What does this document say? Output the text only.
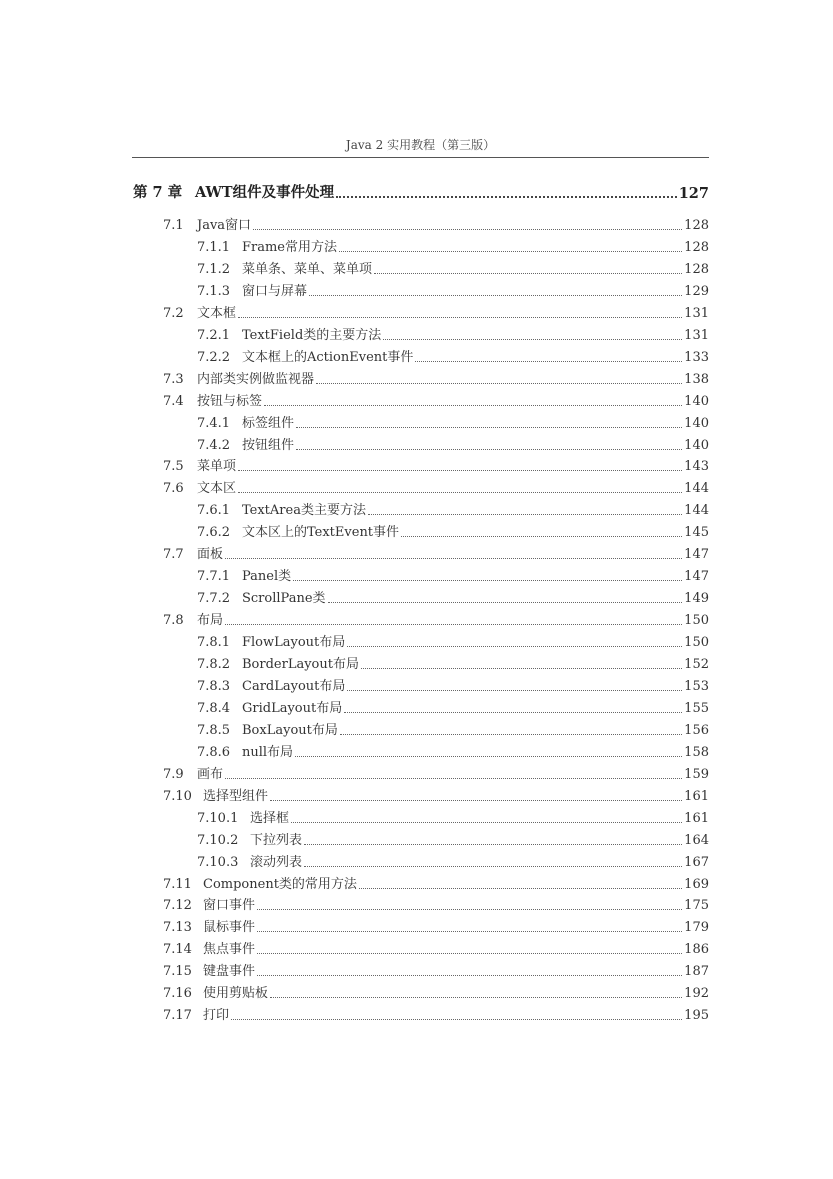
Java 2 实用教程（第三版）
第 7 章 AWT组件及事件处理	127
7.1 Java窗口	128
7.1.1 Frame常用方法	128
7.1.2 菜单条、菜单、菜单项	128
7.1.3 窗口与屏幕	129
7.2 文本框	131
7.2.1 TextField类的主要方法	131
7.2.2 文本框上的ActionEvent事件	133
7.3 内部类实例做监视器	138
7.4 按钮与标签	140
7.4.1 标签组件	140
7.4.2 按钮组件	140
7.5 菜单项	143
7.6 文本区	144
7.6.1 TextArea类主要方法	144
7.6.2 文本区上的TextEvent事件	145
7.7 面板	147
7.7.1 Panel类	147
7.7.2 ScrollPane类	149
7.8 布局	150
7.8.1 FlowLayout布局	150
7.8.2 BorderLayout布局	152
7.8.3 CardLayout布局	153
7.8.4 GridLayout布局	155
7.8.5 BoxLayout布局	156
7.8.6 null布局	158
7.9 画布	159
7.10 选择型组件	161
7.10.1 选择框	161
7.10.2 下拉列表	164
7.10.3 滚动列表	167
7.11 Component类的常用方法	169
7.12 窗口事件	175
7.13 鼠标事件	179
7.14 焦点事件	186
7.15 键盘事件	187
7.16 使用剪贴板	192
7.17 打印	195
